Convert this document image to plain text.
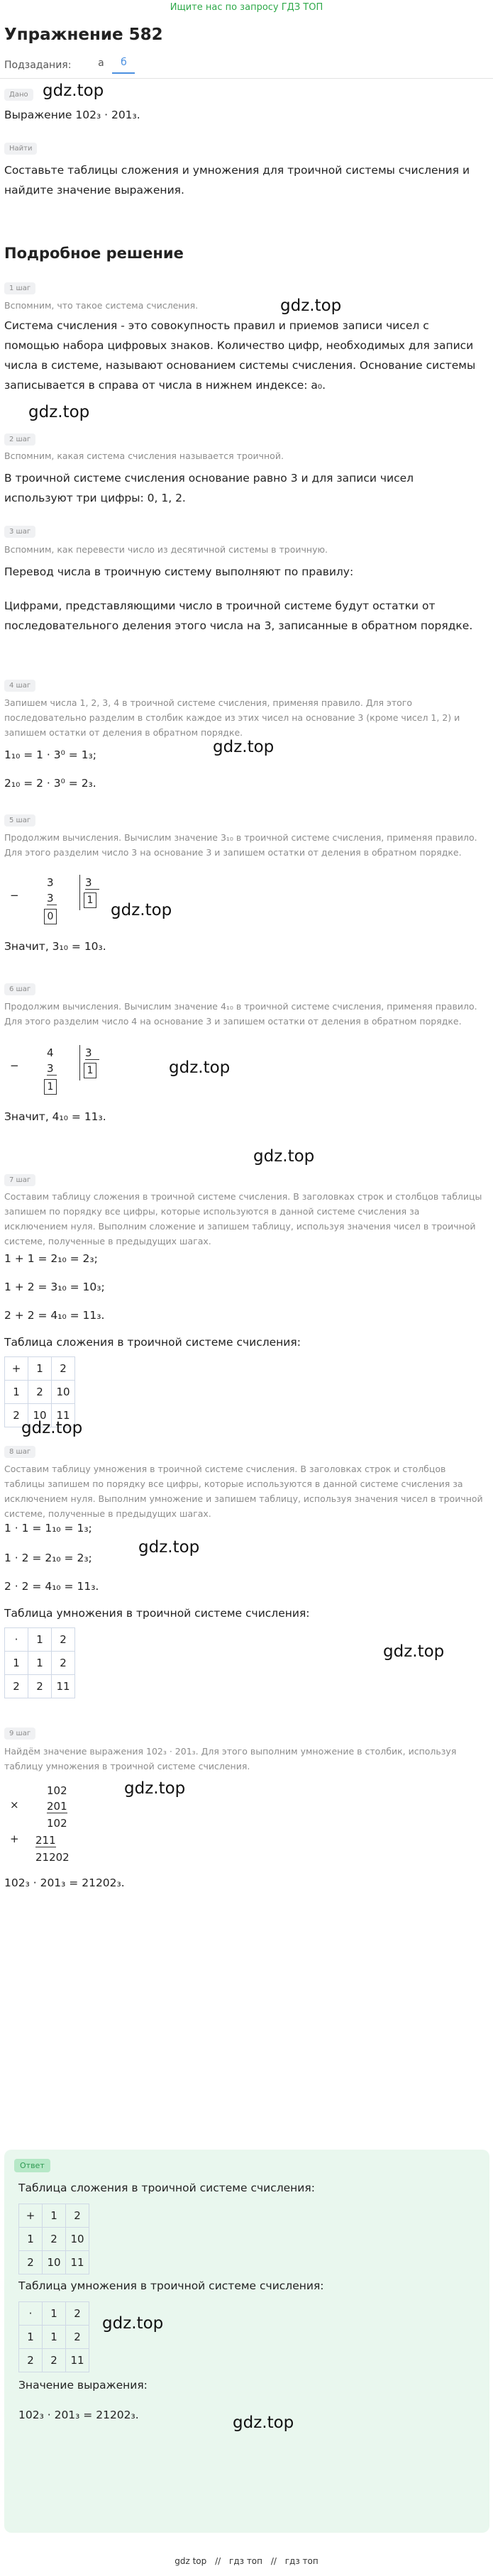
Ищите нас по запросу ГДЗ ТОП
Упражнение 582
Подзадания:	а	б
Дано gdz.top
Выражение 102₃ · 201₃.
Найти
Составьте таблицы сложения и умножения для троичной системы счисления и найдите значение выражения.
Подробное решение
1 шаг
Вспомним, что такое система счисления.	gdz.top
Система счисления - это совокупность правил и приемов записи чисел с помощью набора цифровых знаков. Количество цифр, необходимых для записи числа в системе, называют основанием системы счисления. Основание системы записывается в справа от числа в нижнем индексе: a₀.
gdz.top
2 шаг
Вспомним, какая система счисления называется троичной.
В троичной системе счисления основание равно 3 и для записи чисел используют три цифры: 0, 1, 2.
3 шаг
Вспомним, как перевести число из десятичной системы в троичную.
Перевод числа в троичную систему выполняют по правилу:
Цифрами, представляющими число в троичной системе будут остатки от последовательного деления этого числа на 3, записанные в обратном порядке.
4 шаг
Запишем числа 1, 2, 3, 4 в троичной системе счисления, применяя правило. Для этого последовательно разделим в столбик каждое из этих чисел на основание 3 (кроме чисел 1, 2) и запишем остатки от деления в обратном порядке.
gdz.top
1₁₀ = 1 · 3⁰ = 1₃;
2₁₀ = 2 · 3⁰ = 2₃.
5 шаг
Продолжим вычисления. Вычислим значение 3₁₀ в троичной системе счисления, применяя правило. Для этого разделим число 3 на основание 3 и запишем остатки от деления в обратном порядке.
−
3
3
0
3
1
gdz.top
Значит, 3₁₀ = 10₃.
6 шаг
Продолжим вычисления. Вычислим значение 4₁₀ в троичной системе счисления, применяя правило. Для этого разделим число 4 на основание 3 и запишем остатки от деления в обратном порядке.
gdz.top
−
4
3
1
3
1
Значит, 4₁₀ = 11₃.
gdz.top
7 шаг
Составим таблицу сложения в троичной системе счисления. В заголовках строк и столбцов таблицы запишем по порядку все цифры, которые используются в данной системе счисления за исключением нуля. Выполним сложение и запишем таблицу, используя значения чисел в троичной системе, полученные в предыдущих шагах.
1 + 1 = 2₁₀ = 2₃;
1 + 2 = 3₁₀ = 10₃;
2 + 2 = 4₁₀ = 11₃.
Таблица сложения в троичной системе счисления:
+	1	2
1	2	10
2	10	11
gdz.top
8 шаг
Составим таблицу умножения в троичной системе счисления. В заголовках строк и столбцов таблицы запишем по порядку все цифры, которые используются в данной системе счисления за исключением нуля. Выполним умножение и запишем таблицу, используя значения чисел в троичной системе, полученные в предыдущих шагах.
1 · 1 = 1₁₀ = 1₃;
1 · 2 = 2₁₀ = 2₃;
gdz.top
2 · 2 = 4₁₀ = 11₃.
Таблица умножения в троичной системе счисления:
·	1	2
1	1	2
2	2	11
gdz.top
9 шаг
Найдём значение выражения 102₃ · 201₃. Для этого выполним умножение в столбик, используя таблицу умножения в троичной системе счисления.
gdz.top
×
102
201
+
102
211
21202
102₃ · 201₃ = 21202₃.
Ответ
Таблица сложения в троичной системе счисления:
+	1	2
1	2	10
2	10	11
Таблица умножения в троичной системе счисления:
·	1	2
1	1	2
2	2	11
gdz.top
Значение выражения:
102₃ · 201₃ = 21202₃.	gdz.top
gdz top // гдз топ // гдз топ
